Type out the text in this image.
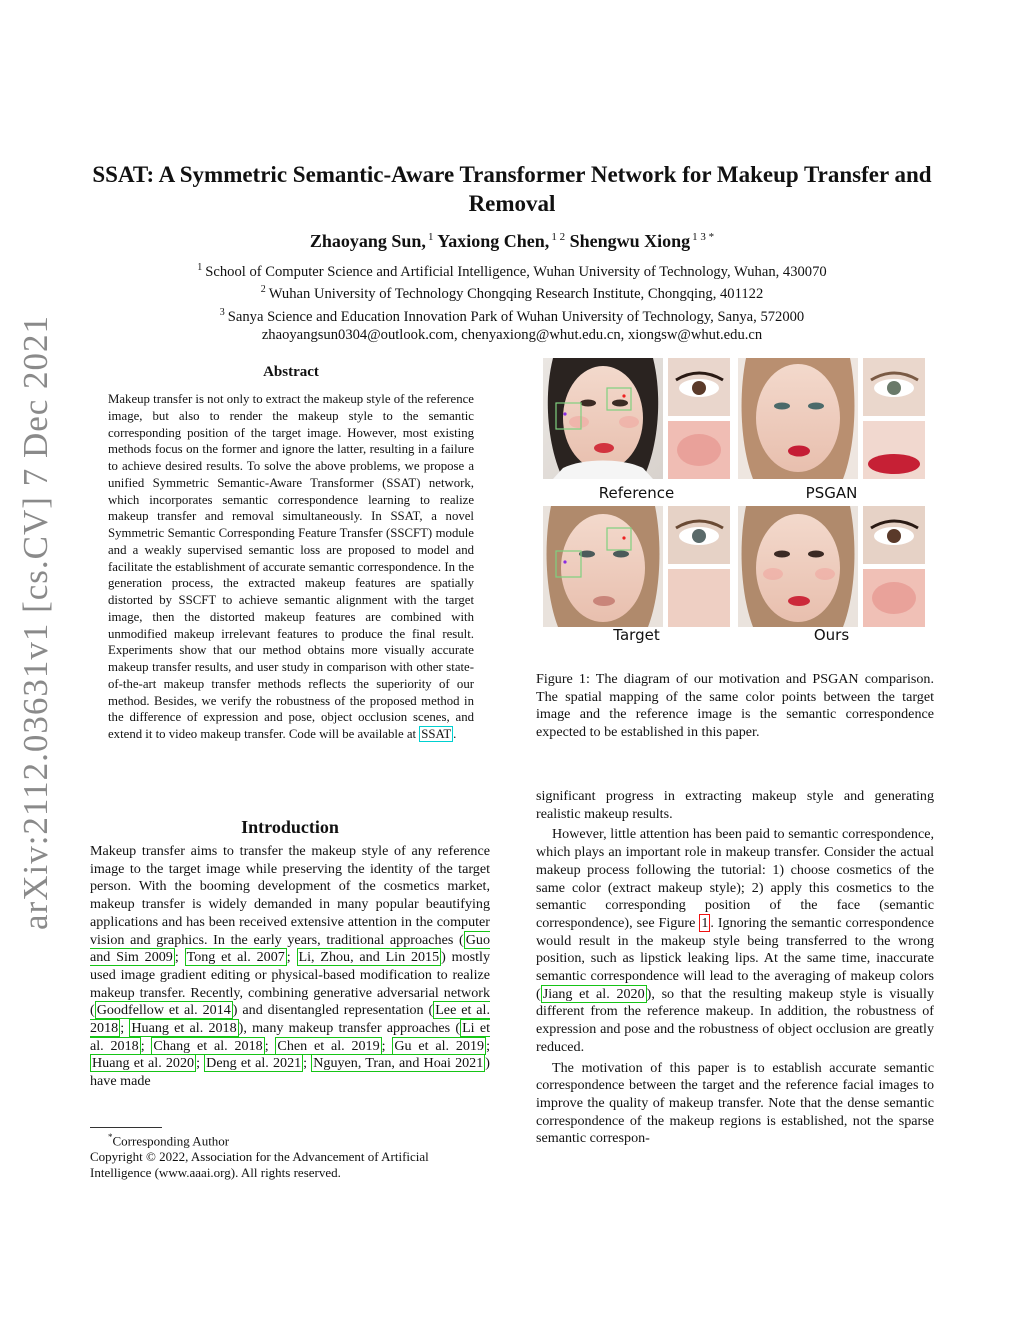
arXiv:2112.03631v1 [cs.CV] 7 Dec 2021
SSAT: A Symmetric Semantic-Aware Transformer Network for Makeup Transfer and Removal
Zhaoyang Sun, $^1$ Yaxiong Chen, $^{1 2}$ Shengwu Xiong $^{1 3 *}$
$^1$ School of Computer Science and Artificial Intelligence, Wuhan University of Technology, Wuhan, 430070
$^2$ Wuhan University of Technology Chongqing Research Institute, Chongqing, 401122
$^3$ Sanya Science and Education Innovation Park of Wuhan University of Technology, Sanya, 572000
zhaoyangsun0304@outlook.com, chenyaxiong@whut.edu.cn, xiongsw@whut.edu.cn
Abstract
Makeup transfer is not only to extract the makeup style of the reference image, but also to render the makeup style to the semantic corresponding position of the target image. However, most existing methods focus on the former and ignore the latter, resulting in a failure to achieve desired results. To solve the above problems, we propose a unified Symmetric Semantic-Aware Transformer (SSAT) network, which incorporates semantic correspondence learning to realize makeup transfer and removal simultaneously. In SSAT, a novel Symmetric Semantic Corresponding Feature Transfer (SSCFT) module and a weakly supervised semantic loss are proposed to model and facilitate the establishment of accurate semantic correspondence. In the generation process, the extracted makeup features are spatially distorted by SSCFT to achieve semantic alignment with the target image, then the distorted makeup features are combined with unmodified makeup irrelevant features to produce the final result. Experiments show that our method obtains more visually accurate makeup transfer results, and user study in comparison with other state-of-the-art makeup transfer methods reflects the superiority of our method. Besides, we verify the robustness of the proposed method in the difference of expression and pose, object occlusion scenes, and extend it to video makeup transfer. Code will be available at SSAT .
Introduction
Makeup transfer aims to transfer the makeup style of any reference image to the target image while preserving the identity of the target person. With the booming development of the cosmetics market, makeup transfer is widely demanded in many popular beautifying applications and has been received extensive attention in the computer vision and graphics. In the early years, traditional approaches ( Guo and Sim 2009 ; Tong et al. 2007 ; Li, Zhou, and Lin 2015 ) mostly used image gradient editing or physical-based modification to realize makeup transfer. Recently, combining generative adversarial network ( Goodfellow et al. 2014 ) and disentangled representation ( Lee et al. 2018 ; Huang et al. 2018 ), many makeup transfer approaches ( Li et al. 2018 ; Chang et al. 2018 ; Chen et al. 2019 ; Gu et al. 2019 ; Huang et al. 2020 ; Deng et al. 2021 ; Nguyen, Tran, and Hoai 2021 ) have made
*Corresponding Author
Copyright © 2022, Association for the Advancement of Artificial Intelligence (www.aaai.org). All rights reserved.
Reference	PSGAN
Target	Ours
Figure 1: The diagram of our motivation and PSGAN comparison. The spatial mapping of the same color points between the target image and the reference image is the semantic correspondence expected to be established in this paper.

significant progress in extracting makeup style and generating realistic makeup results.

However, little attention has been paid to semantic correspondence, which plays an important role in makeup transfer. Consider the actual makeup process following the tutorial: 1) choose cosmetics of the same color (extract makeup style); 2) apply this cosmetics to the semantic corresponding position of the face (semantic correspondence), see Figure 1 . Ignoring the semantic correspondence would result in the makeup style being transferred to the wrong position, such as lipstick leaking lips. At the same time, inaccurate semantic correspondence will lead to the averaging of makeup colors ( Jiang et al. 2020 ), so that the resulting makeup style is visually different from the reference makeup. In addition, the robustness of expression and pose and the robustness of object occlusion are greatly reduced.

The motivation of this paper is to establish accurate semantic correspondence between the target and the reference facial images to improve the quality of makeup transfer. Note that the dense semantic correspondence of the makeup regions is established, not the sparse semantic correspon-
